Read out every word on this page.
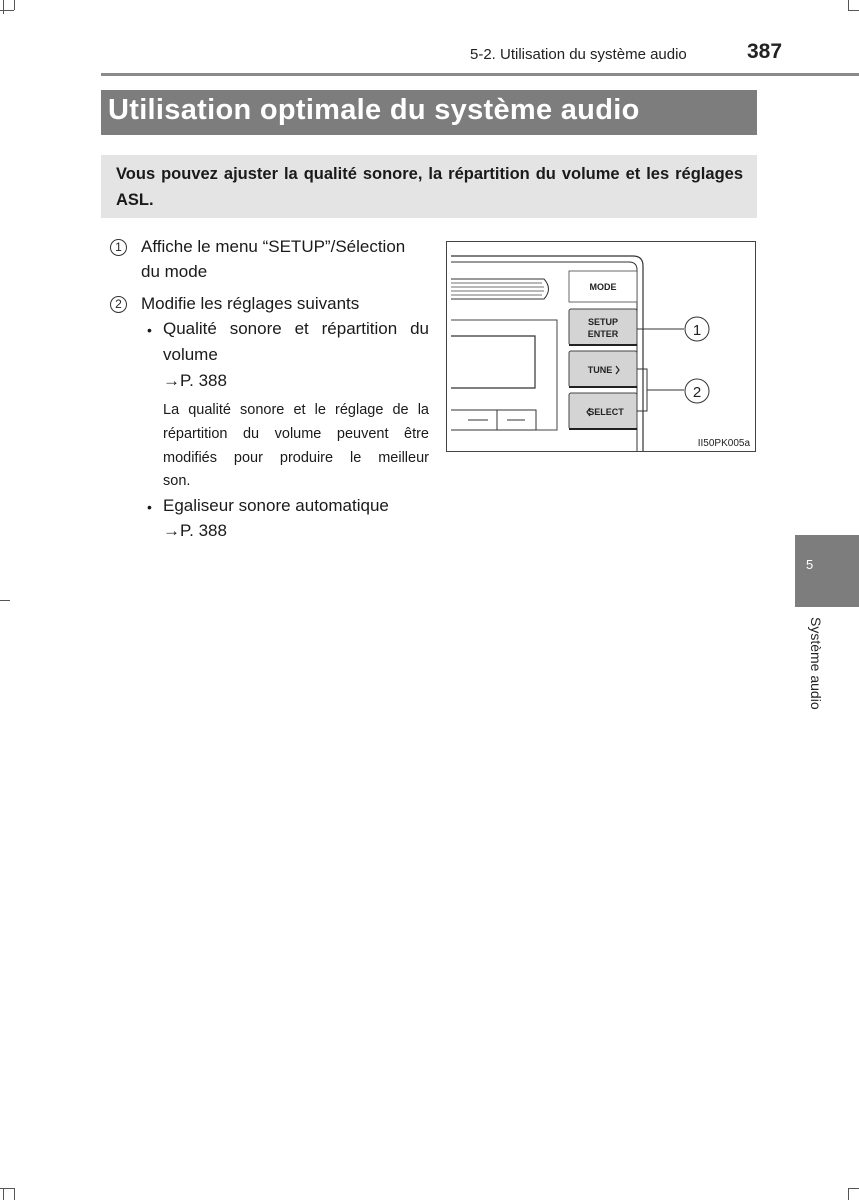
5-2. Utilisation du système audio	387
Utilisation optimale du système audio
Vous pouvez ajuster la qualité sonore, la répartition du volume et les réglages ASL.
1	Affiche le menu “SETUP”/Sélection
du mode
2	Modifie les réglages suivants
• Qualité sonore et répartition du
volume
→P. 388
La qualité sonore et le réglage de la
répartition du volume peuvent être
modifiés pour produire le meilleur
son.
• Egaliseur sonore automatique
→P. 388
MODE
SETUP
ENTER
TUNE
SELECT
1
2
II50PK005a
5
Système audio
